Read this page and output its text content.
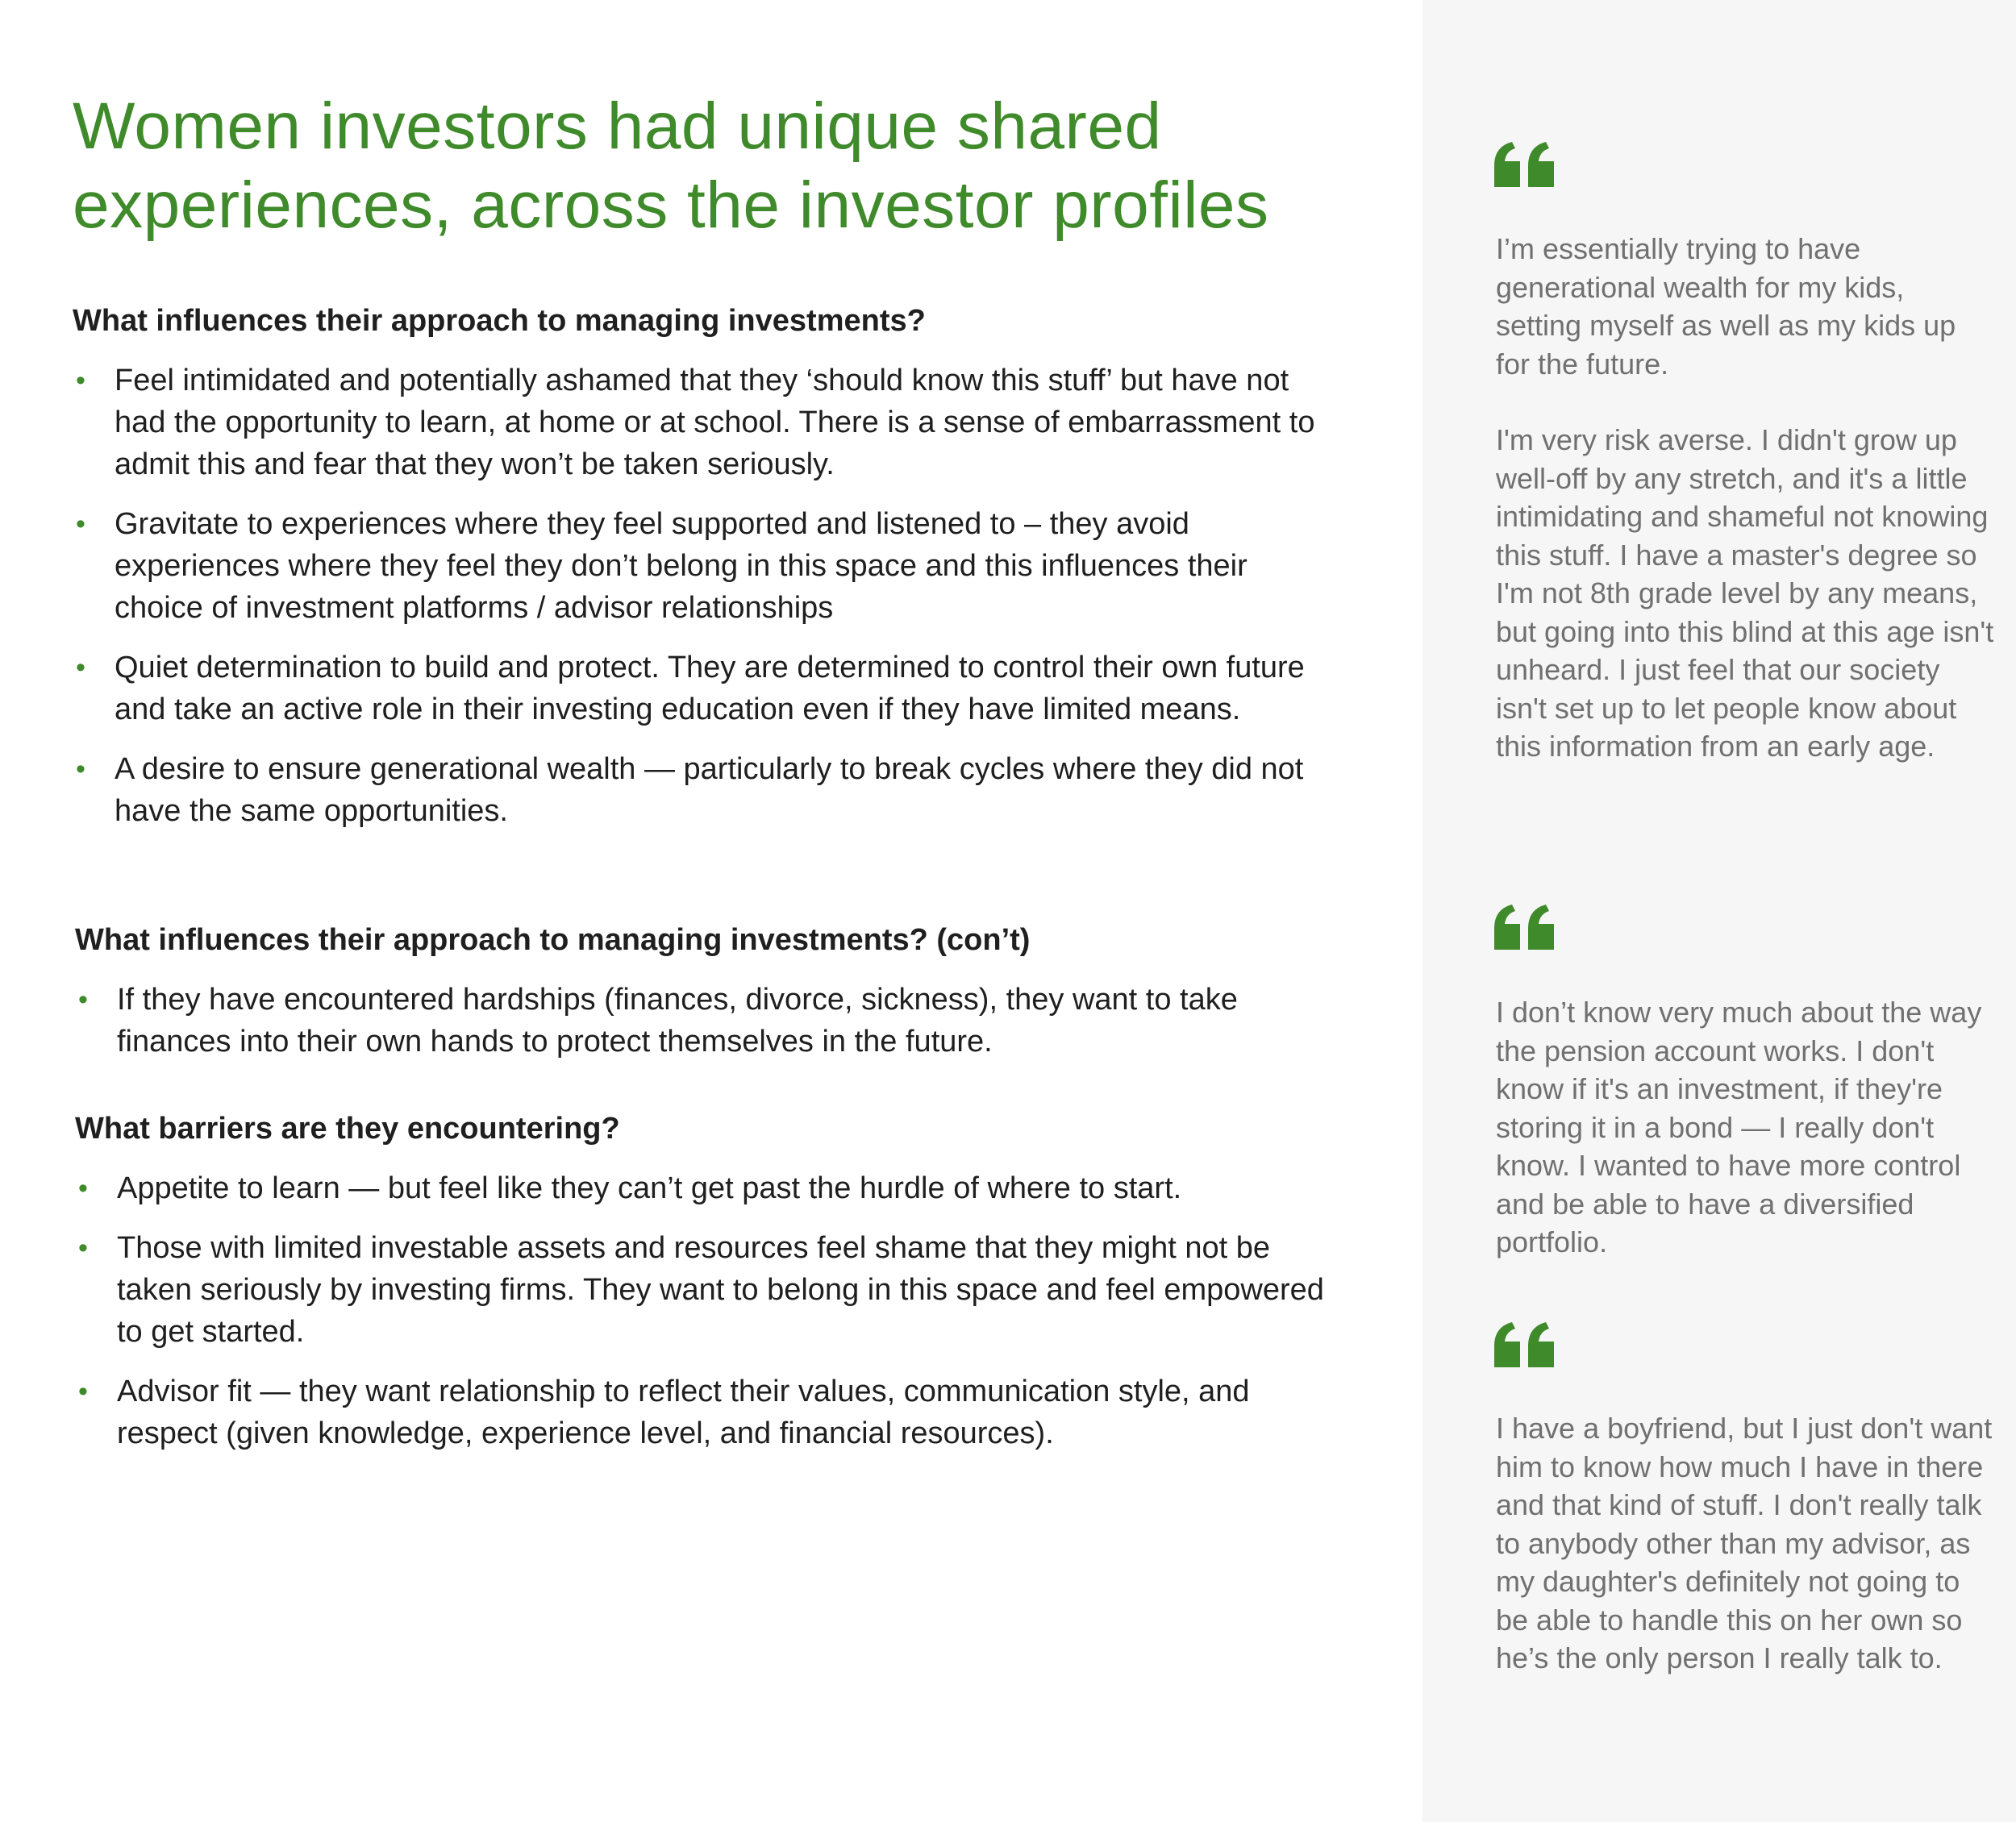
Women investors had unique shared experiences, across the investor profiles
What influences their approach to managing investments?
• Feel intimidated and potentially ashamed that they ‘should know this stuff’ but have not had the opportunity to learn, at home or at school. There is a sense of embarrassment to admit this and fear that they won’t be taken seriously.
• Gravitate to experiences where they feel supported and listened to – they avoid experiences where they feel they don’t belong in this space and this influences their choice of investment platforms / advisor relationships
• Quiet determination to build and protect. They are determined to control their own future and take an active role in their investing education even if they have limited means.
• A desire to ensure generational wealth — particularly to break cycles where they did not have the same opportunities.
What influences their approach to managing investments? (con’t)
• If they have encountered hardships (finances, divorce, sickness), they want to take finances into their own hands to protect themselves in the future.
What barriers are they encountering?
• Appetite to learn — but feel like they can’t get past the hurdle of where to start.
• Those with limited investable assets and resources feel shame that they might not be taken seriously by investing firms. They want to belong in this space and feel empowered to get started.
• Advisor fit — they want relationship to reflect their values, communication style, and respect (given knowledge, experience level, and financial resources).

I’m essentially trying to have generational wealth for my kids, setting myself as well as my kids up for the future.

I'm very risk averse. I didn't grow up well-off by any stretch, and it's a little intimidating and shameful not knowing this stuff. I have a master's degree so I'm not 8th grade level by any means, but going into this blind at this age isn't unheard. I just feel that our society isn't set up to let people know about this information from an early age.

I don’t know very much about the way the pension account works. I don't know if it's an investment, if they're storing it in a bond — I really don't know. I wanted to have more control and be able to have a diversified portfolio.

I have a boyfriend, but I just don't want him to know how much I have in there and that kind of stuff. I don't really talk to anybody other than my advisor, as my daughter's definitely not going to be able to handle this on her own so he’s the only person I really talk to.
